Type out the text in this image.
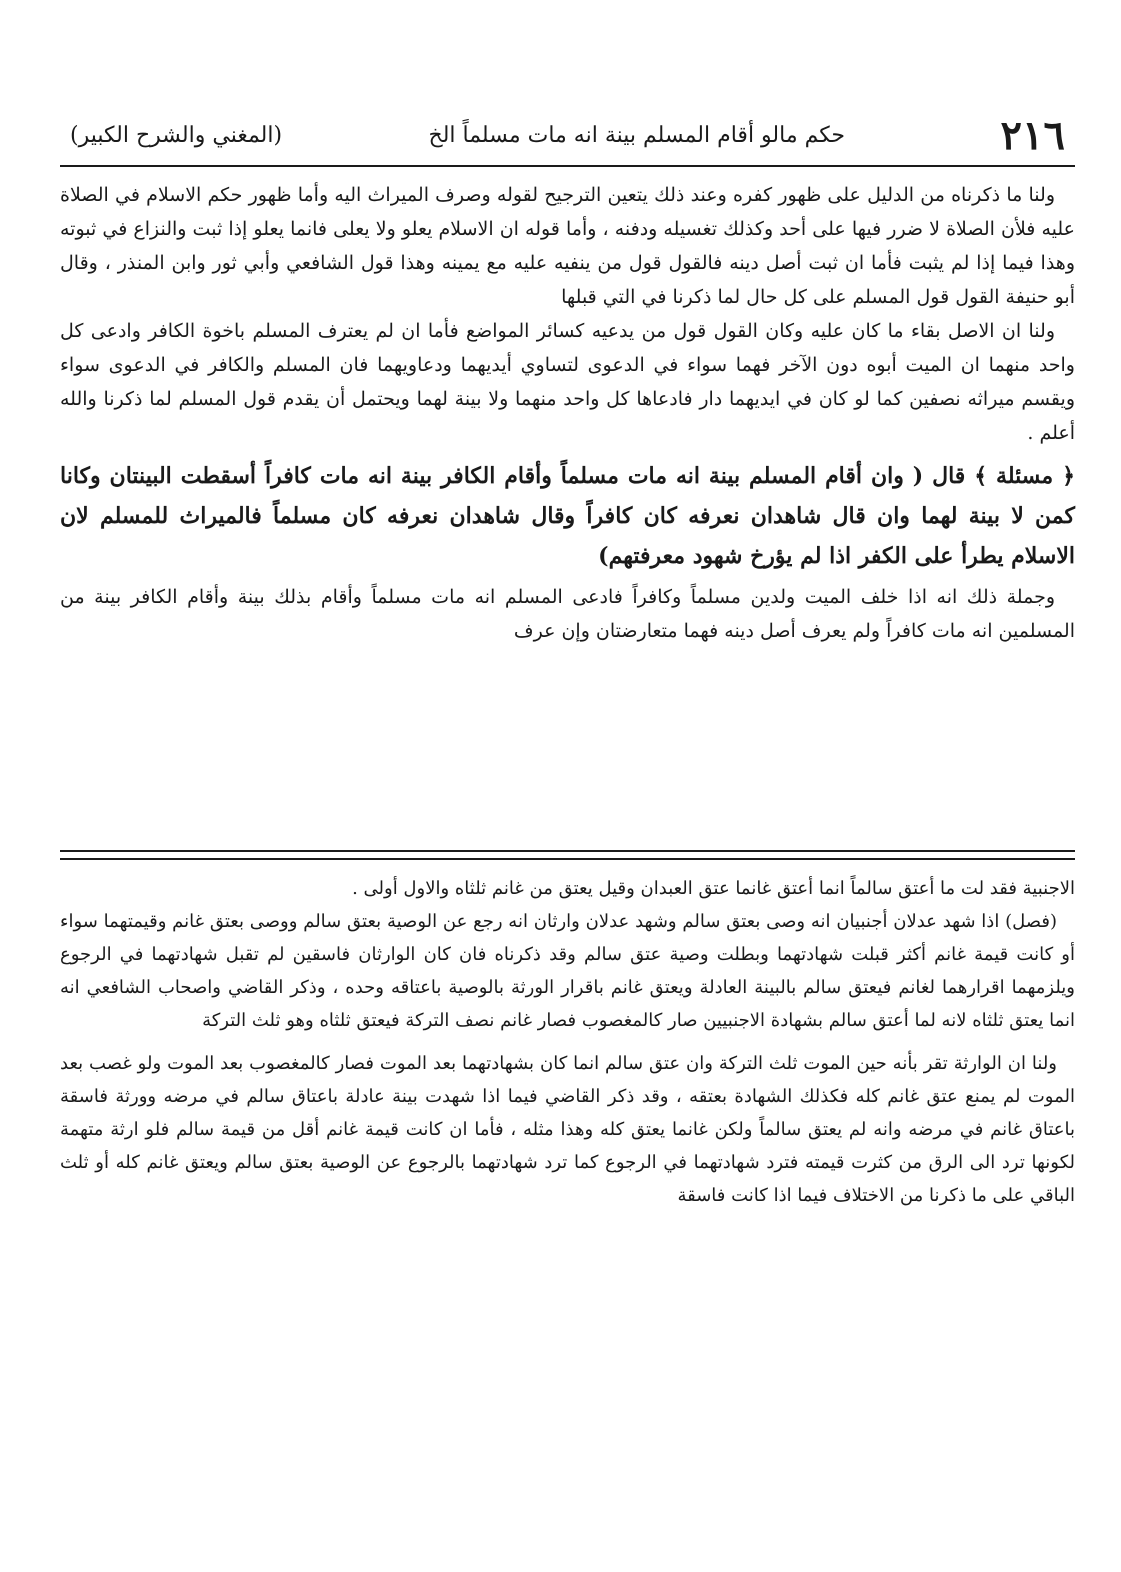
٢١٦
حكم مالو أقام المسلم بينة انه مات مسلماً الخ
(المغني والشرح الكبير)

ولنا ما ذكرناه من الدليل على ظهور كفره وعند ذلك يتعين الترجيح لقوله وصرف الميراث اليه وأما ظهور حكم الاسلام في الصلاة عليه فلأن الصلاة لا ضرر فيها على أحد وكذلك تغسيله ودفنه ، وأما قوله ان الاسلام يعلو ولا يعلى فانما يعلو إذا ثبت والنزاع في ثبوته وهذا فيما إذا لم يثبت فأما ان ثبت أصل دينه فالقول قول من ينفيه عليه مع يمينه وهذا قول الشافعي وأبي ثور وابن المنذر ، وقال أبو حنيفة القول قول المسلم على كل حال لما ذكرنا في التي قبلها

ولنا ان الاصل بقاء ما كان عليه وكان القول قول من يدعيه كسائر المواضع فأما ان لم يعترف المسلم باخوة الكافر وادعى كل واحد منهما ان الميت أبوه دون الآخر فهما سواء في الدعوى لتساوي أيديهما ودعاويهما فان المسلم والكافر في الدعوى سواء ويقسم ميراثه نصفين كما لو كان في ايديهما دار فادعاها كل واحد منهما ولا بينة لهما ويحتمل أن يقدم قول المسلم لما ذكرنا والله أعلم .

﴿ مسئلة ﴾ قال ( وان أقام المسلم بينة انه مات مسلماً وأقام الكافر بينة انه مات كافراً أسقطت البينتان وكانا كمن لا بينة لهما وان قال شاهدان نعرفه كان كافراً وقال شاهدان نعرفه كان مسلماً فالميراث للمسلم لان الاسلام يطرأ على الكفر اذا لم يؤرخ شهود معرفتهم)

وجملة ذلك انه اذا خلف الميت ولدين مسلماً وكافراً فادعى المسلم انه مات مسلماً وأقام بذلك بينة وأقام الكافر بينة من المسلمين انه مات كافراً ولم يعرف أصل دينه فهما متعارضتان وإن عرف

الاجنبية فقد لت ما أعتق سالماً انما أعتق غانما عتق العبدان وقيل يعتق من غانم ثلثاه والاول أولى .

(فصل) اذا شهد عدلان أجنبيان انه وصى بعتق سالم وشهد عدلان وارثان انه رجع عن الوصية بعتق سالم ووصى بعتق غانم وقيمتهما سواء أو كانت قيمة غانم أكثر قبلت شهادتهما وبطلت وصية عتق سالم وقد ذكرناه فان كان الوارثان فاسقين لم تقبل شهادتهما في الرجوع ويلزمهما اقرارهما لغانم فيعتق سالم بالبينة العادلة ويعتق غانم باقرار الورثة بالوصية باعتاقه وحده ، وذكر القاضي واصحاب الشافعي انه انما يعتق ثلثاه لانه لما أعتق سالم بشهادة الاجنبيين صار كالمغصوب فصار غانم نصف التركة فيعتق ثلثاه وهو ثلث التركة

ولنا ان الوارثة تقر بأنه حين الموت ثلث التركة وان عتق سالم انما كان بشهادتهما بعد الموت فصار كالمغصوب بعد الموت ولو غصب بعد الموت لم يمنع عتق غانم كله فكذلك الشهادة بعتقه ، وقد ذكر القاضي فيما اذا شهدت بينة عادلة باعتاق سالم في مرضه وورثة فاسقة باعتاق غانم في مرضه وانه لم يعتق سالماً ولكن غانما يعتق كله وهذا مثله ، فأما ان كانت قيمة غانم أقل من قيمة سالم فلو ارثة متهمة لكونها ترد الى الرق من كثرت قيمته فترد شهادتهما في الرجوع كما ترد شهادتهما بالرجوع عن الوصية بعتق سالم ويعتق غانم كله أو ثلث الباقي على ما ذكرنا من الاختلاف فيما اذا كانت فاسقة
